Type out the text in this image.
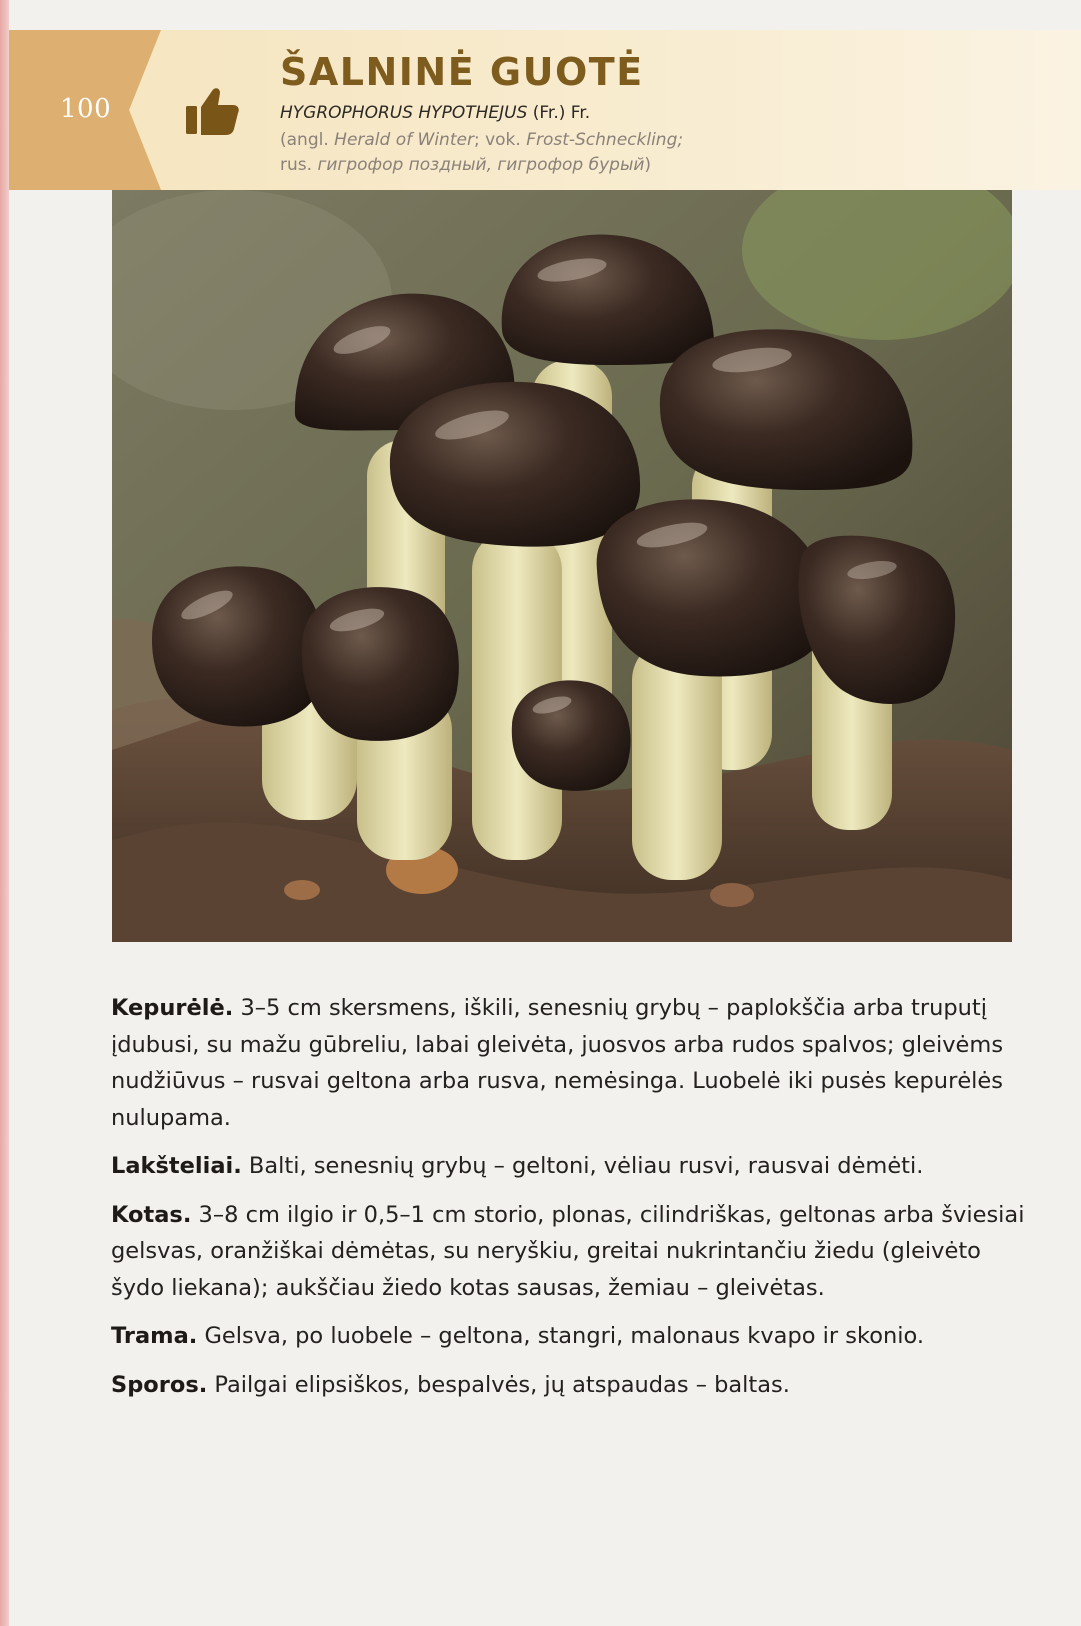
100
ŠALNINĖ GUOTĖ
HYGROPHORUS HYPOTHEJUS (Fr.) Fr.
(angl. Herald of Winter; vok. Frost-Schneckling;
rus. гигрофор поздный, гигрофор бурый)

Kepurėlė. 3–5 cm skersmens, iškili, senesnių grybų – paplokščia arba truputį įdubusi, su mažu gūbreliu, labai gleivėta, juosvos arba rudos spalvos; gleivėms nudžiūvus – rusvai geltona arba rusva, nemėsinga. Luobelė iki pusės kepurėlės nulupama.

Lakšteliai. Balti, senesnių grybų – geltoni, vėliau rusvi, rausvai dėmėti.

Kotas. 3–8 cm ilgio ir 0,5–1 cm storio, plonas, cilindriškas, geltonas arba šviesiai gelsvas, oranžiškai dėmėtas, su neryškiu, greitai nukrintančiu žiedu (gleivėto šydo liekana); aukščiau žiedo kotas sausas, žemiau – gleivėtas.

Trama. Gelsva, po luobele – geltona, stangri, malonaus kvapo ir skonio.

Sporos. Pailgai elipsiškos, bespalvės, jų atspaudas – baltas.
